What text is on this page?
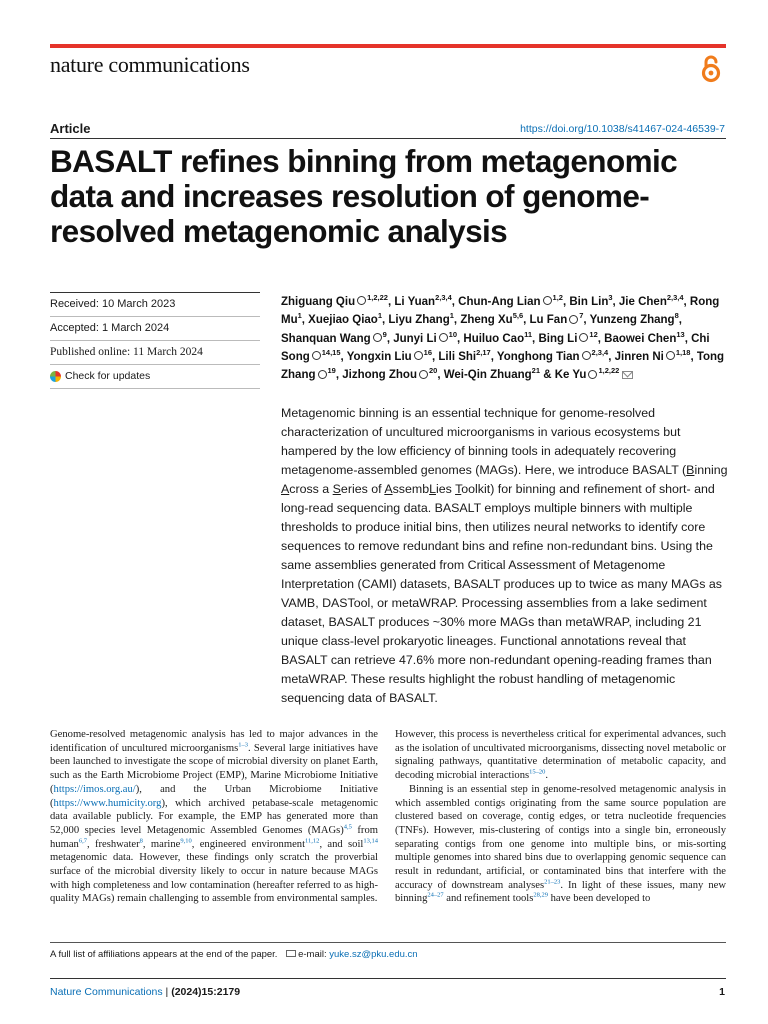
nature communications
Article	https://doi.org/10.1038/s41467-024-46539-7
BASALT refines binning from metagenomic data and increases resolution of genome-resolved metagenomic analysis
Received: 10 March 2023
Accepted: 1 March 2024
Published online: 11 March 2024
Check for updates
Zhiguang Qiu $^{1,2,22}$, Li Yuan$^{2,3,4}$, Chun-Ang Lian $^{1,2}$, Bin Lin$^3$, Jie Chen$^{2,3,4}$, Rong Mu$^1$, Xuejiao Qiao$^1$, Liyu Zhang$^1$, Zheng Xu$^{5,6}$, Lu Fan $^7$, Yunzeng Zhang$^8$, Shanquan Wang $^9$, Junyi Li $^{10}$, Huiluo Cao$^{11}$, Bing Li $^{12}$, Baowei Chen$^{13}$, Chi Song $^{14,15}$, Yongxin Liu $^{16}$, Lili Shi$^{2,17}$, Yonghong Tian $^{2,3,4}$, Jinren Ni $^{1,18}$, Tong Zhang $^{19}$, Jizhong Zhou $^{20}$, Wei-Qin Zhuang$^{21}$ & Ke Yu $^{1,2,22}$
Metagenomic binning is an essential technique for genome-resolved characterization of uncultured microorganisms in various ecosystems but hampered by the low efficiency of binning tools in adequately recovering metagenome-assembled genomes (MAGs). Here, we introduce BASALT (Binning Across a Series of AssembLies Toolkit) for binning and refinement of short- and long-read sequencing data. BASALT employs multiple binners with multiple thresholds to produce initial bins, then utilizes neural networks to identify core sequences to remove redundant bins and refine non-redundant bins. Using the same assemblies generated from Critical Assessment of Metagenome Interpretation (CAMI) datasets, BASALT produces up to twice as many MAGs as VAMB, DASTool, or metaWRAP. Processing assemblies from a lake sediment dataset, BASALT produces ~30% more MAGs than metaWRAP, including 21 unique class-level prokaryotic lineages. Functional annotations reveal that BASALT can retrieve 47.6% more non-redundant opening-reading frames than metaWRAP. These results highlight the robust handling of metagenomic sequencing data of BASALT.

Genome-resolved metagenomic analysis has led to major advances in the identification of uncultured microorganisms$^{1-3}$. Several large initiatives have been launched to investigate the scope of microbial diversity on planet Earth, such as the Earth Microbiome Project (EMP), Marine Microbiome Initiative (https://imos.org.au/), and the Urban Microbiome Initiative (https://www.humicity.org), which archived petabase-scale metagenomic data available publicly. For example, the EMP has generated more than 52,000 species level Metagenomic Assembled Genomes (MAGs)$^{4,5}$ from human$^{6,7}$, freshwater$^8$, marine$^{9,10}$, engineered environment$^{11,12}$, and soil$^{13,14}$ metagenomic data. However, these findings only scratch the proverbial surface of the microbial diversity likely to occur in nature because MAGs with high completeness and low contamination (hereafter referred to as high-quality MAGs) remain challenging to assemble from environmental samples.

However, this process is nevertheless critical for experimental advances, such as the isolation of uncultivated microorganisms, dissecting novel metabolic or signaling pathways, quantitative determination of metabolic capacity, and decoding microbial interactions$^{15-20}$.

Binning is an essential step in genome-resolved metagenomic analysis in which assembled contigs originating from the same source population are clustered based on coverage, contig edges, or tetra nucleotide frequencies (TNFs). However, mis-clustering of contigs into a single bin, erroneously separating contigs from one genome into multiple bins, or mis-sorting multiple genomes into shared bins due to overlapping genomic sequence can result in redundant, artificial, or contaminated bins that interfere with the accuracy of downstream analyses$^{21-23}$. In light of these issues, many new binning$^{24-27}$ and refinement tools$^{28,29}$ have been developed to

A full list of affiliations appears at the end of the paper. e-mail: yuke.sz@pku.edu.cn
Nature Communications | (2024)15:2179	1
